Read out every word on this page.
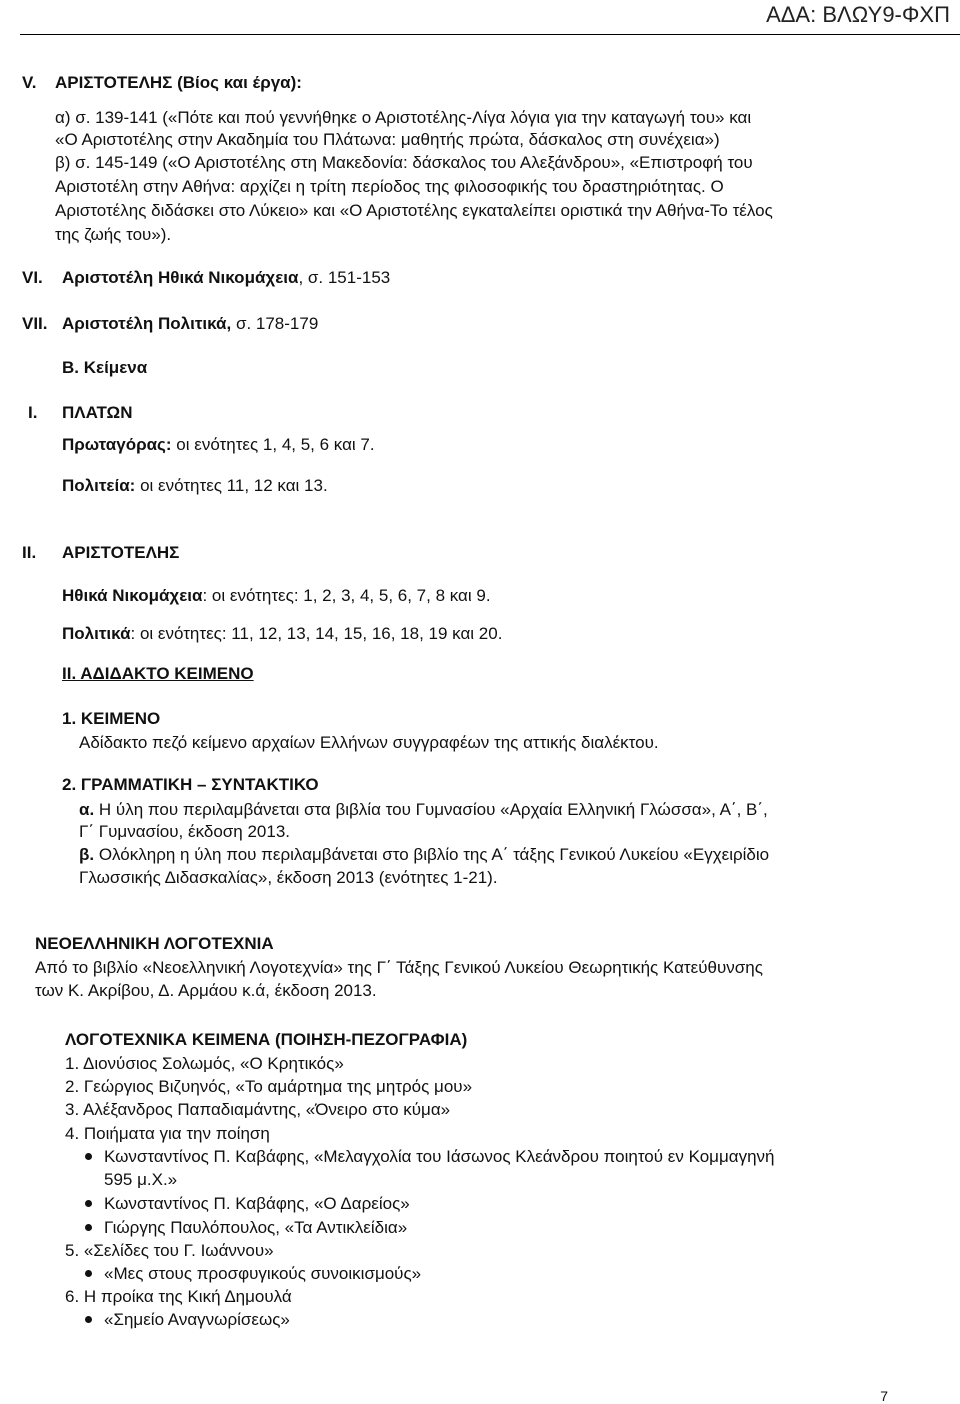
ΑΔΑ: ΒΛΩΥ9-ΦΧΠ
V. ΑΡΙΣΤΟΤΕΛΗΣ (Βίος και έργα):
α) σ. 139-141 («Πότε και πού γεννήθηκε ο Αριστοτέλης-Λίγα λόγια για την καταγωγή του» και
«Ο Αριστοτέλης στην Ακαδημία του Πλάτωνα: μαθητής πρώτα, δάσκαλος στη συνέχεια»)
β) σ. 145-149 («Ο Αριστοτέλης στη Μακεδονία: δάσκαλος του Αλεξάνδρου», «Επιστροφή του
Αριστοτέλη στην Αθήνα: αρχίζει η τρίτη περίοδος της φιλοσοφικής του δραστηριότητας. Ο
Αριστοτέλης διδάσκει στο Λύκειο» και «Ο Αριστοτέλης εγκαταλείπει οριστικά την Αθήνα-Το τέλος
της ζωής του»).
VI. Αριστοτέλη Ηθικά Νικομάχεια, σ. 151-153
VII. Αριστοτέλη Πολιτικά, σ. 178-179
Β. Κείμενα
Ι. ΠΛΑΤΩΝ
Πρωταγόρας: οι ενότητες 1, 4, 5, 6 και 7.
Πολιτεία: οι ενότητες 11, 12 και 13.
ΙΙ. ΑΡΙΣΤΟΤΕΛΗΣ
Ηθικά Νικομάχεια: οι ενότητες: 1, 2, 3, 4, 5, 6, 7, 8 και 9.
Πολιτικά: οι ενότητες: 11, 12, 13, 14, 15, 16, 18, 19 και 20.
ΙΙ. ΑΔΙΔΑΚΤΟ ΚΕΙΜΕΝΟ
1. ΚΕΙΜΕΝΟ
Αδίδακτο πεζό κείμενο αρχαίων Ελλήνων συγγραφέων της αττικής διαλέκτου.
2. ΓΡΑΜΜΑΤΙΚΗ – ΣΥΝΤΑΚΤΙΚΟ
α. Η ύλη που περιλαμβάνεται στα βιβλία του Γυμνασίου «Αρχαία Ελληνική Γλώσσα», Α΄, Β΄,
Γ΄ Γυμνασίου, έκδοση 2013.
β. Ολόκληρη η ύλη που περιλαμβάνεται στο βιβλίο της Α΄ τάξης Γενικού Λυκείου «Εγχειρίδιο
Γλωσσικής Διδασκαλίας», έκδοση 2013 (ενότητες 1-21).
ΝΕΟΕΛΛΗΝΙΚΗ ΛΟΓΟΤΕΧΝΙΑ
Από το βιβλίο «Νεοελληνική Λογοτεχνία» της Γ΄ Τάξης Γενικού Λυκείου Θεωρητικής Κατεύθυνσης
των Κ. Ακρίβου, Δ. Αρμάου κ.ά, έκδοση 2013.
ΛΟΓΟΤΕΧΝΙΚΑ ΚΕΙΜΕΝΑ (ΠΟΙΗΣΗ-ΠΕΖΟΓΡΑΦΙΑ)
1. Διονύσιος Σολωμός, «Ο Κρητικός»
2. Γεώργιος Βιζυηνός, «Το αμάρτημα της μητρός μου»
3. Αλέξανδρος Παπαδιαμάντης, «Όνειρο στο κύμα»
4. Ποιήματα για την ποίηση
Κωνσταντίνος Π. Καβάφης, «Μελαγχολία του Ιάσωνος Κλεάνδρου ποιητού εν Κομμαγηνή
595 μ.Χ.»
Κωνσταντίνος Π. Καβάφης, «Ο Δαρείος»
Γιώργης Παυλόπουλος, «Τα Αντικλείδια»
5. «Σελίδες του Γ. Ιωάννου»
«Μες στους προσφυγικούς συνοικισμούς»
6. Η προίκα της Κική Δημουλά
«Σημείο Αναγνωρίσεως»
7
